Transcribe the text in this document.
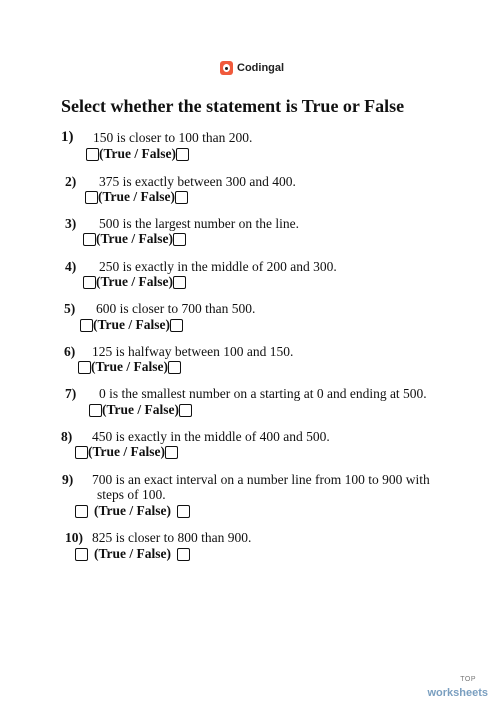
Codingal
Select whether the statement is True or False
1) 150 is closer to 100 than 200.
(True / False)
2) 375 is exactly between 300 and 400.
(True / False)
3) 500 is the largest number on the line.
(True / False)
4) 250 is exactly in the middle of 200 and 300.
(True / False)
5) 600 is closer to 700 than 500.
(True / False)
6) 125 is halfway between 100 and 150.
(True / False)
7) 0 is the smallest number on a starting at 0 and ending at 500.
(True / False)
8) 450 is exactly in the middle of 400 and 500.
(True / False)
9) 700 is an exact interval on a number line from 100 to 900 with
steps of 100.
(True / False)
10) 825 is closer to 800 than 900.
(True / False)
TOP
worksheets
